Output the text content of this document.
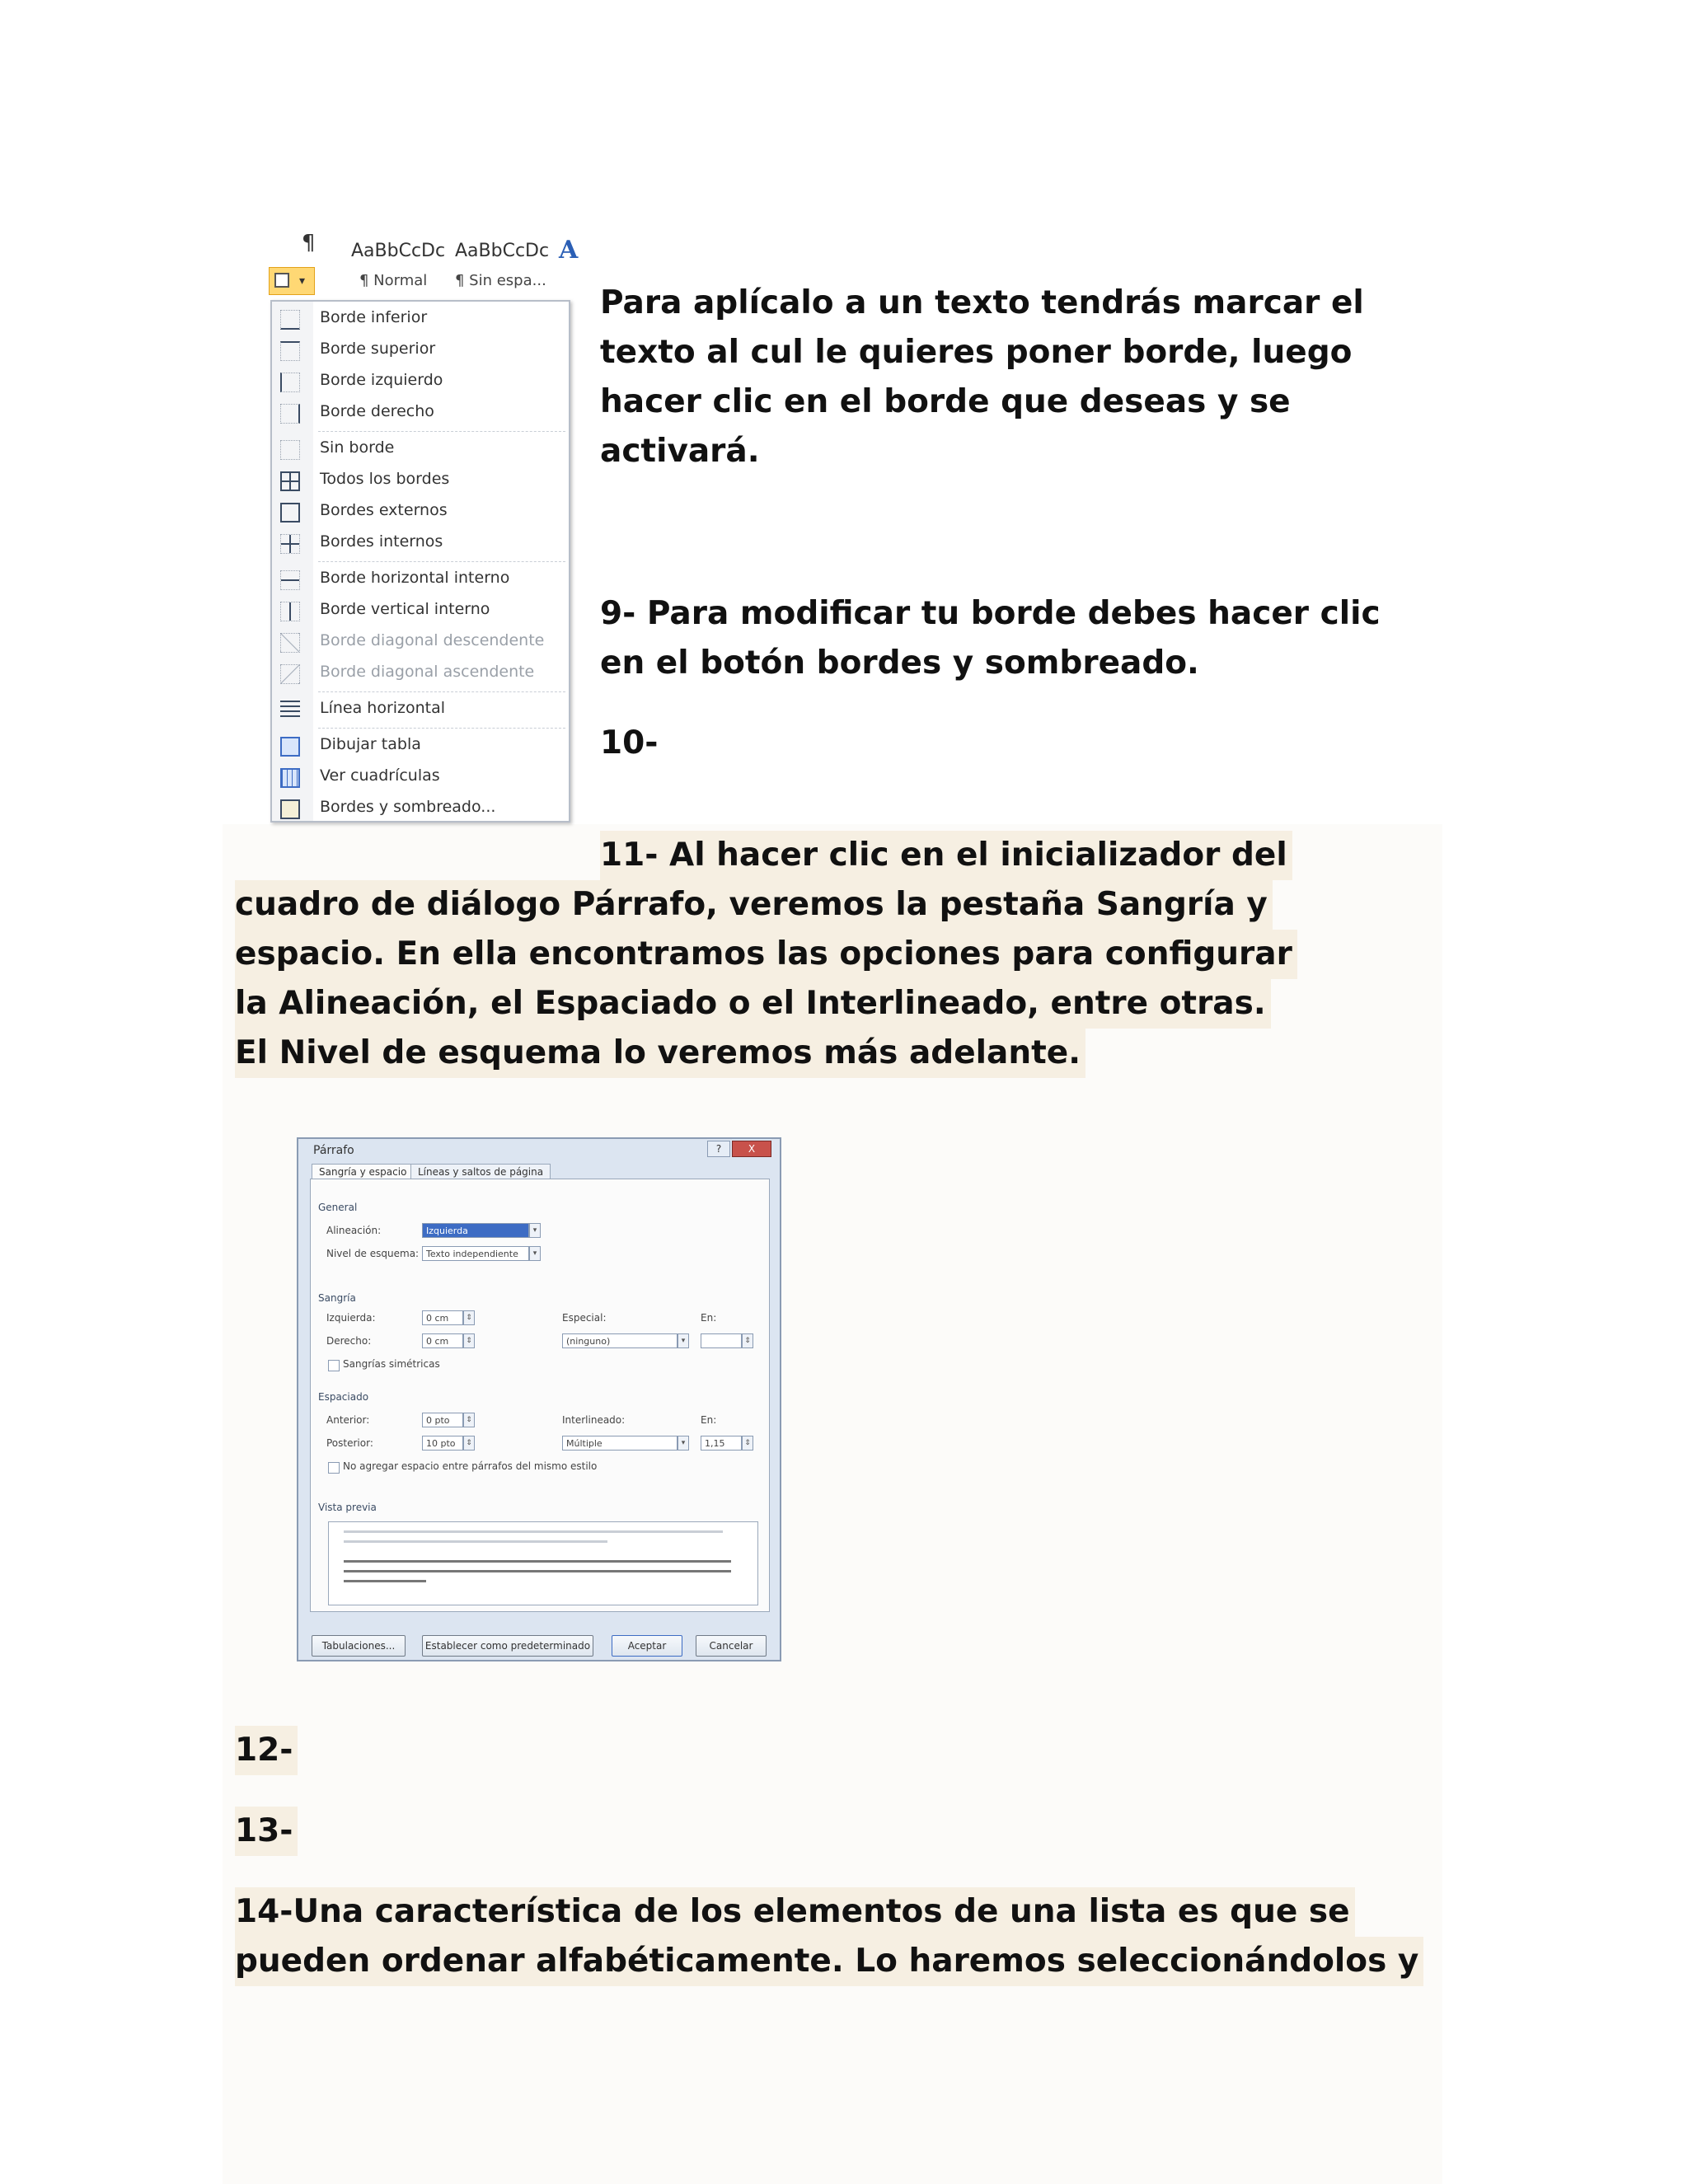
¶ AaBbCcDc
¶ Normal
AaBbCcDc
¶ Sin espa...
A
▾
Borde inferior
Borde superior
Borde izquierdo
Borde derecho
Sin borde
Todos los bordes
Bordes externos
Bordes internos
Borde horizontal interno
Borde vertical interno
Borde diagonal descendente
Borde diagonal ascendente
Línea horizontal
Dibujar tabla
Ver cuadrículas
Bordes y sombreado...
Para aplícalo a un texto tendrás marcar el
texto al cul le quieres poner borde, luego
hacer clic en el borde que deseas y se
activará.
9- Para modificar tu borde debes hacer clic
en el botón bordes y sombreado.
10-
11- Al hacer clic en el inicializador del
cuadro de diálogo Párrafo, veremos la pestaña Sangría y
espacio. En ella encontramos las opciones para configurar
la Alineación, el Espaciado o el Interlineado, entre otras.
El Nivel de esquema lo veremos más adelante.
Párrafo	?	X
Sangría y espacio	Líneas y saltos de página
General
Alineación:	Izquierda	▾
Nivel de esquema: Texto independiente	▾
Sangría
Izquierda:	0 cm	⇕
Derecho:	0 cm	⇕
Especial:
(ninguno)	▾
En:
⇕
Sangrías simétricas
Espaciado
Anterior:	0 pto	⇕
Posterior:	10 pto	⇕
Interlineado:
Múltiple	▾
En:
1,15	⇕
No agregar espacio entre párrafos del mismo estilo
Vista previa
Tabulaciones...	Establecer como predeterminado	Aceptar	Cancelar
12-
13-
14-Una característica de los elementos de una lista es que se
pueden ordenar alfabéticamente. Lo haremos seleccionándolos y
